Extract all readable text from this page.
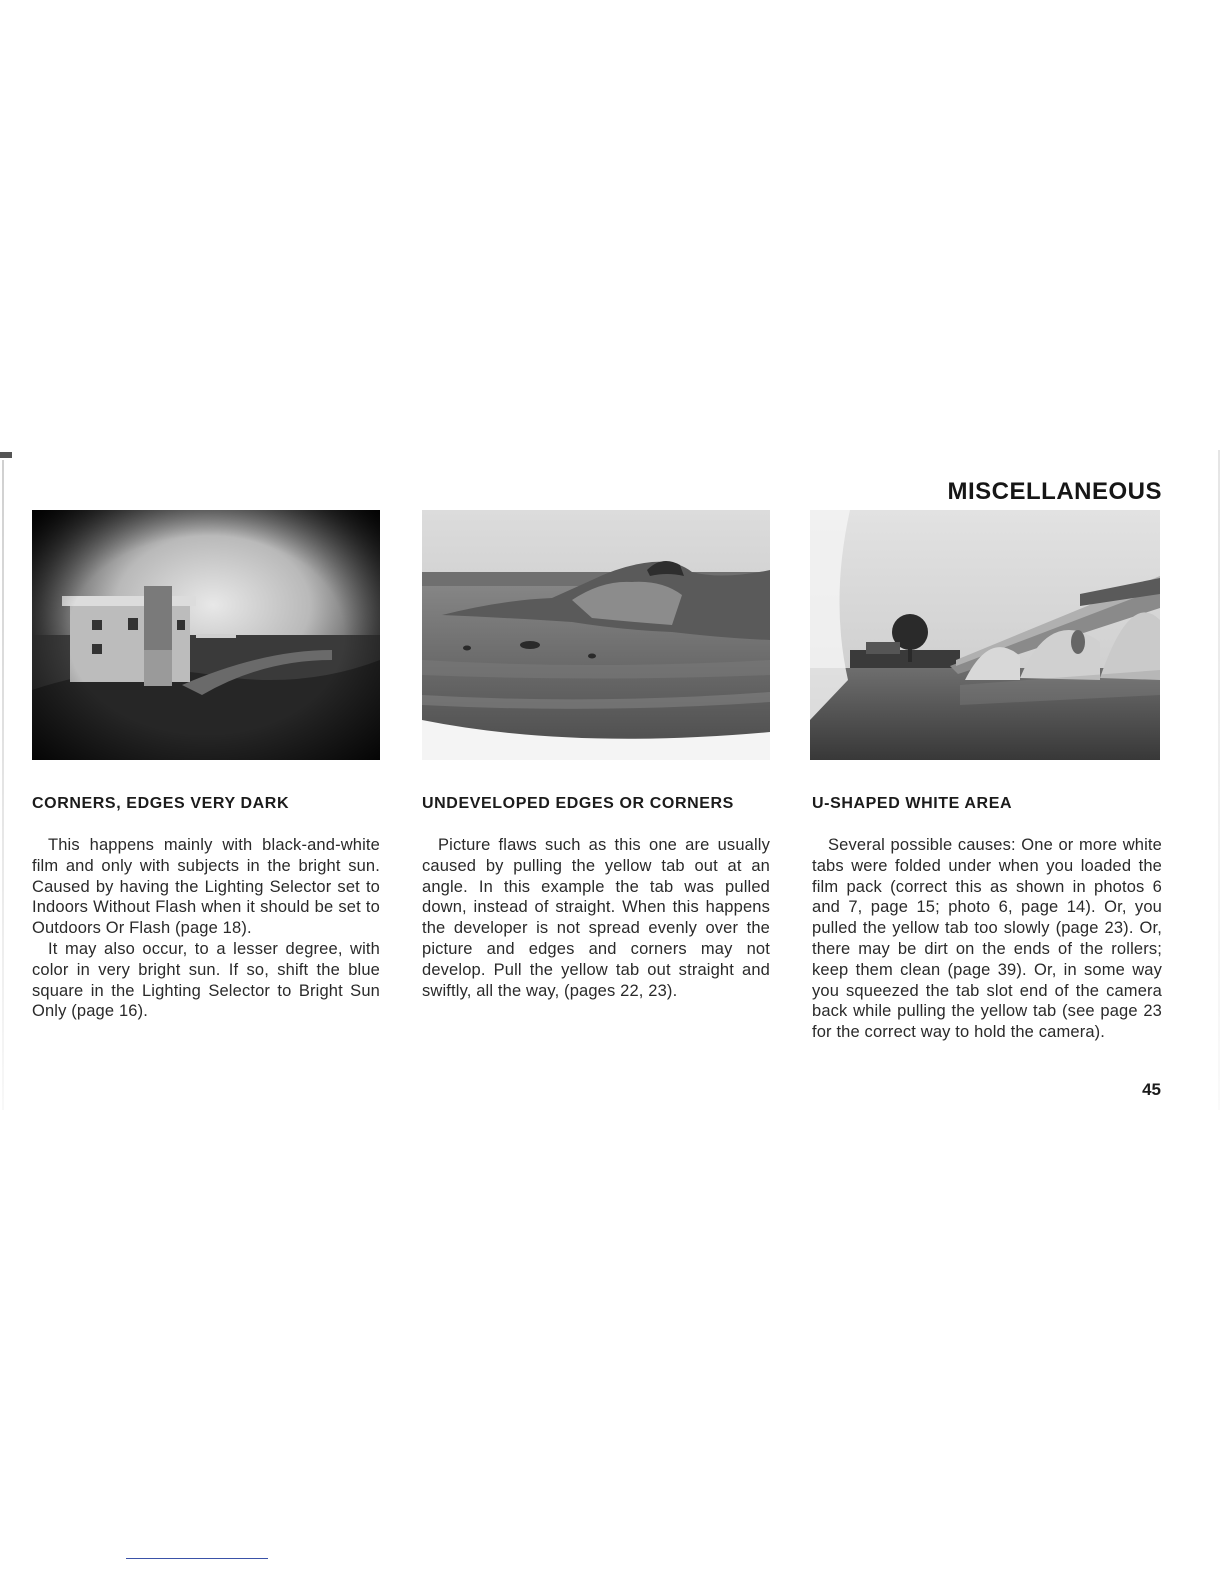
MISCELLANEOUS
CORNERS, EDGES VERY DARK

This happens mainly with black-and-white film and only with subjects in the bright sun. Caused by having the Lighting Selector set to Indoors Without Flash when it should be set to Outdoors Or Flash (page 18).

It may also occur, to a lesser degree, with color in very bright sun. If so, shift the blue square in the Lighting Selector to Bright Sun Only (page 16).

UNDEVELOPED EDGES OR CORNERS

Picture flaws such as this one are usually caused by pulling the yellow tab out at an angle. In this example the tab was pulled down, instead of straight. When this happens the developer is not spread evenly over the picture and edges and corners may not develop. Pull the yellow tab out straight and swiftly, all the way, (pages 22, 23).

U-SHAPED WHITE AREA

Several possible causes: One or more white tabs were folded under when you loaded the film pack (correct this as shown in photos 6 and 7, page 15; photo 6, page 14). Or, you pulled the yellow tab too slowly (page 23). Or, there may be dirt on the ends of the rollers; keep them clean (page 39). Or, in some way you squeezed the tab slot end of the camera back while pulling the yellow tab (see page 23 for the correct way to hold the camera).

45
